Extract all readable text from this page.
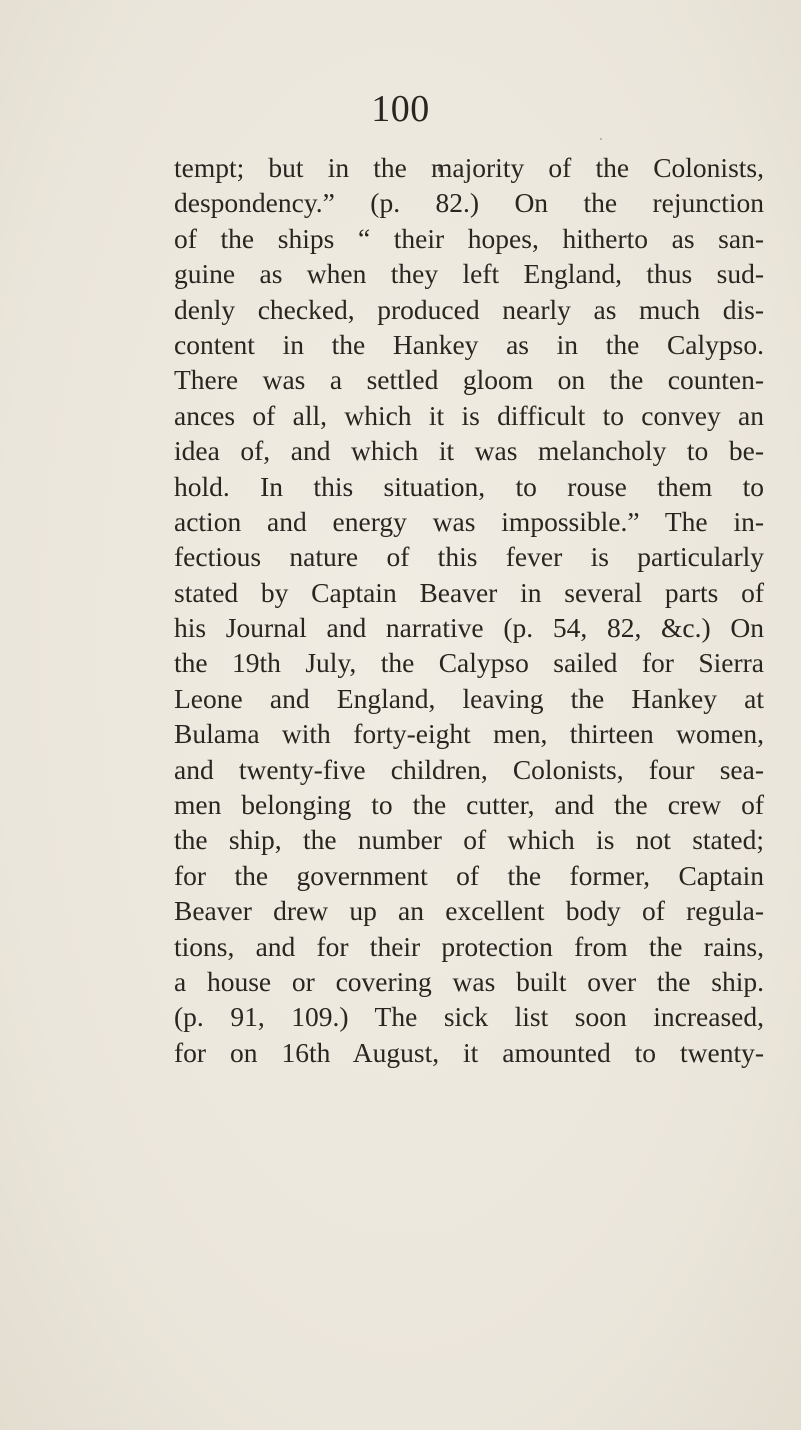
100
tempt; but in the majority of the Colonists,
despondency.” (p. 82.) On the rejunction
of the ships “ their hopes, hitherto as san-
guine as when they left England, thus sud-
denly checked, produced nearly as much dis-
content in the Hankey as in the Calypso.
There was a settled gloom on the counten-
ances of all, which it is difficult to convey an
idea of, and which it was melancholy to be-
hold. In this situation, to rouse them to
action and energy was impossible.” The in-
fectious nature of this fever is particularly
stated by Captain Beaver in several parts of
his Journal and narrative (p. 54, 82, &c.) On
the 19th July, the Calypso sailed for Sierra
Leone and England, leaving the Hankey at
Bulama with forty-eight men, thirteen women,
and twenty-five children, Colonists, four sea-
men belonging to the cutter, and the crew of
the ship, the number of which is not stated;
for the government of the former, Captain
Beaver drew up an excellent body of regula-
tions, and for their protection from the rains,
a house or covering was built over the ship.
(p. 91, 109.) The sick list soon increased,
for on 16th August, it amounted to twenty-
